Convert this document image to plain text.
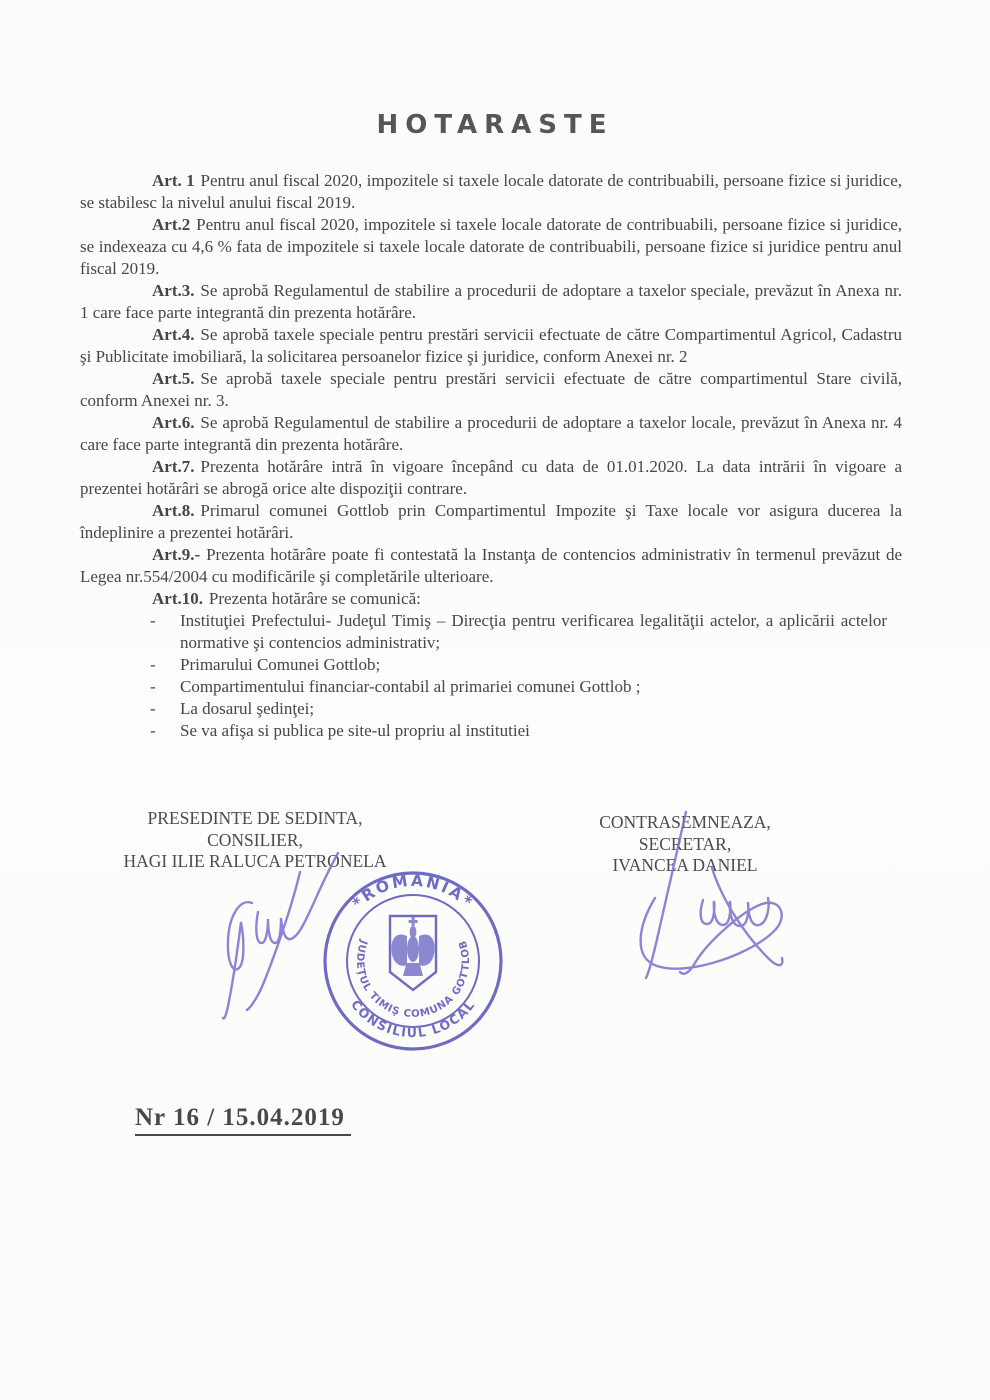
HOTARASTE

Art. 1 Pentru anul fiscal 2020, impozitele si taxele locale datorate de contribuabili, persoane fizice si juridice, se stabilesc la nivelul anului fiscal 2019.

Art.2 Pentru anul fiscal 2020, impozitele si taxele locale datorate de contribuabili, persoane fizice si juridice, se indexeaza cu 4,6 % fata de impozitele si taxele locale datorate de contribuabili, persoane fizice si juridice pentru anul fiscal 2019.

Art.3. Se aprobă Regulamentul de stabilire a procedurii de adoptare a taxelor speciale, prevăzut în Anexa nr. 1 care face parte integrantă din prezenta hotărâre.

Art.4. Se aprobă taxele speciale pentru prestări servicii efectuate de către Compartimentul Agricol, Cadastru şi Publicitate imobiliară, la solicitarea persoanelor fizice şi juridice, conform Anexei nr. 2

Art.5. Se aprobă taxele speciale pentru prestări servicii efectuate de către compartimentul Stare civilă, conform Anexei nr. 3.

Art.6. Se aprobă Regulamentul de stabilire a procedurii de adoptare a taxelor locale, prevăzut în Anexa nr. 4 care face parte integrantă din prezenta hotărâre.

Art.7. Prezenta hotărâre intră în vigoare începând cu data de 01.01.2020. La data intrării în vigoare a prezentei hotărâri se abrogă orice alte dispoziţii contrare.

Art.8. Primarul comunei Gottlob prin Compartimentul Impozite şi Taxe locale vor asigura ducerea la îndeplinire a prezentei hotărâri.

Art.9.- Prezenta hotărâre poate fi contestată la Instanţa de contencios administrativ în termenul prevăzut de Legea nr.554/2004 cu modificările şi completările ulterioare.

Art.10. Prezenta hotărâre se comunică:

-	Instituţiei Prefectului- Judeţul Timiş – Direcţia pentru verificarea legalităţii actelor, a aplicării actelor normative şi contencios administrativ;
-	Primarului Comunei Gottlob;
-	Compartimentului financiar-contabil al primariei comunei Gottlob ;
-	La dosarul şedinţei;
-	Se va afişa si publica pe site-ul propriu al institutiei
PRESEDINTE DE SEDINTA,
CONSILIER,
HAGI ILIE RALUCA PETRONELA
CONTRASEMNEAZA,
SECRETAR,
IVANCEA DANIEL
*ROMÂNIA*
CONSILIUL LOCAL
JUDEŢUL TIMIŞ COMUNA GOTTLOB
Nr 16 / 15.04.2019
